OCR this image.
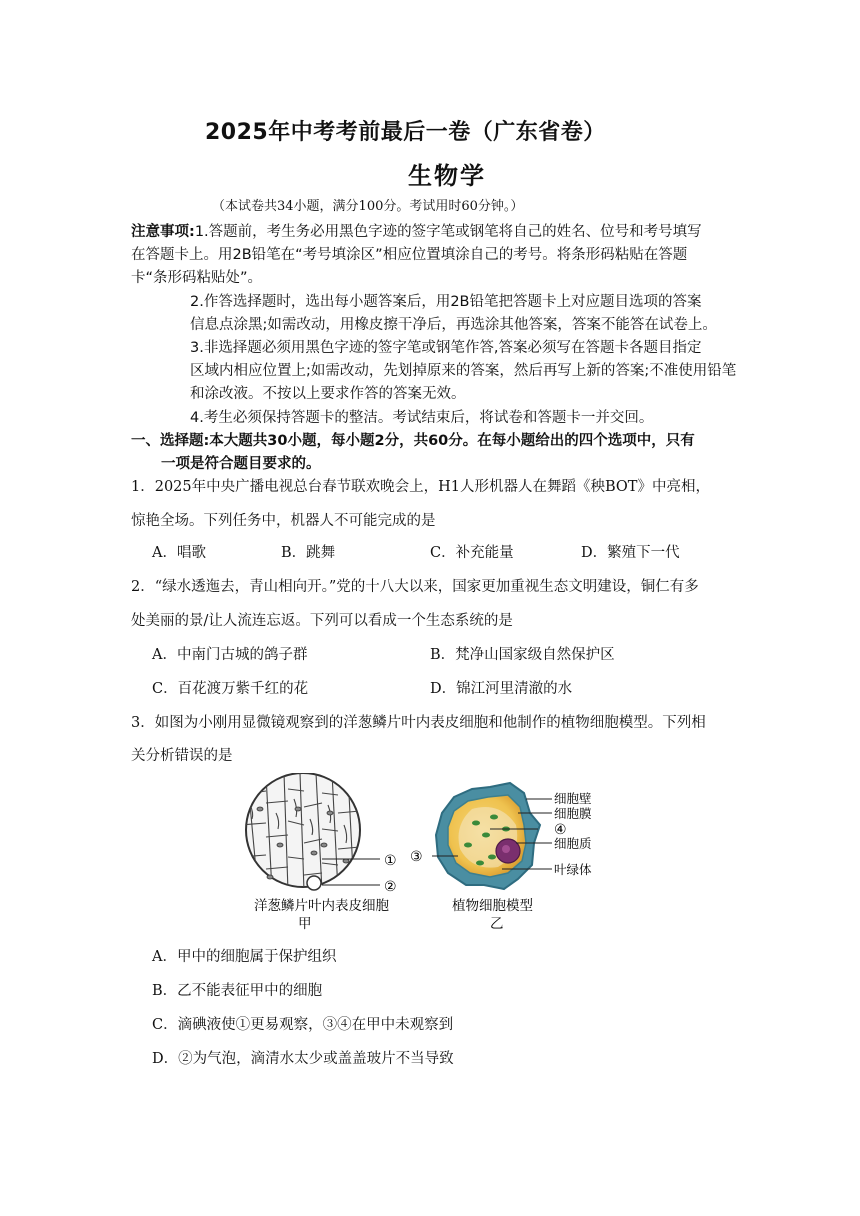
2025年中考考前最后一卷（广东省卷）
生物学
（本试卷共34小题，满分100分。考试用时60分钟。）
注意事项:1.答题前，考生务必用黑色字迹的签字笔或钢笔将自己的姓名、位号和考号填写
在答题卡上。用2B铅笔在“考号填涂区”相应位置填涂自己的考号。将条形码粘贴在答题
卡“条形码粘贴处”。
2.作答选择题时，选出每小题答案后，用2B铅笔把答题卡上对应题目选项的答案
信息点涂黑;如需改动，用橡皮擦干净后，再选涂其他答案，答案不能答在试卷上。
3.非选择题必须用黑色字迹的签字笔或钢笔作答,答案必须写在答题卡各题目指定
区域内相应位置上;如需改动，先划掉原来的答案，然后再写上新的答案;不准使用铅笔
和涂改液。不按以上要求作答的答案无效。
4.考生必须保持答题卡的整洁。考试结束后，将试卷和答题卡一并交回。
一、选择题:本大题共30小题，每小题2分，共60分。在每小题给出的四个选项中，只有
一项是符合题目要求的。
1．2025年中央广播电视总台春节联欢晚会上，H1人形机器人在舞蹈《秧BOT》中亮相，
惊艳全场。下列任务中，机器人不可能完成的是
A．唱歌	B．跳舞	C．补充能量	D．繁殖下一代
2．“绿水透迤去，青山相向开。”党的十八大以来，国家更加重视生态文明建设，铜仁有多
处美丽的景/让人流连忘返。下列可以看成一个生态系统的是
A．中南门古城的鸽子群	B．梵净山国家级自然保护区
C．百花渡万紫千红的花	D．锦江河里清澈的水
3．如图为小刚用显微镜观察到的洋葱鳞片叶内表皮细胞和他制作的植物细胞模型。下列相
关分析错误的是
①
②
细胞壁
细胞膜
④
细胞质
叶绿体
③
洋葱鳞片叶内表皮细胞
甲
植物细胞模型
乙
A．甲中的细胞属于保护组织
B．乙不能表征甲中的细胞
C．滴碘液使①更易观察，③④在甲中未观察到
D．②为气泡，滴清水太少或盖盖玻片不当导致
